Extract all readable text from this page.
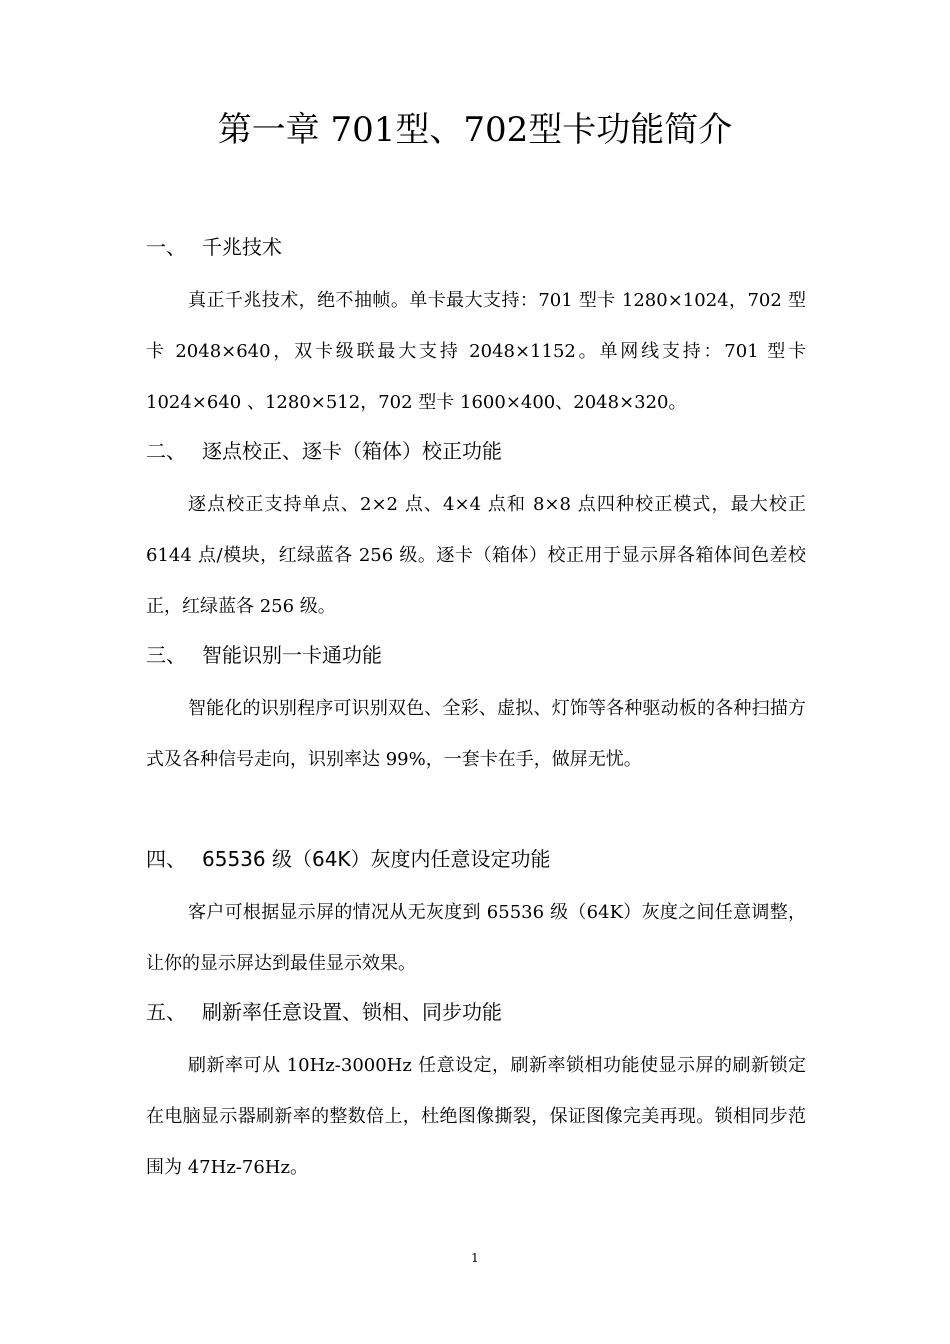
第一章 701型、702型卡功能简介
一、 千兆技术

真正千兆技术，绝不抽帧。单卡最大支持：701 型卡 1280×1024，702 型卡 2048×640，双卡级联最大支持 2048×1152。单网线支持：701 型卡 1024×640 、1280×512，702 型卡 1600×400、2048×320。

二、 逐点校正、逐卡（箱体）校正功能

逐点校正支持单点、2×2 点、4×4 点和 8×8 点四种校正模式，最大校正 6144 点/模块，红绿蓝各 256 级。逐卡（箱体）校正用于显示屏各箱体间色差校正，红绿蓝各 256 级。

三、 智能识别一卡通功能

智能化的识别程序可识别双色、全彩、虚拟、灯饰等各种驱动板的各种扫描方式及各种信号走向，识别率达 99%，一套卡在手，做屏无忧。

四、 65536 级（64K）灰度内任意设定功能

客户可根据显示屏的情况从无灰度到 65536 级（64K）灰度之间任意调整，让你的显示屏达到最佳显示效果。

五、 刷新率任意设置、锁相、同步功能

刷新率可从 10Hz-3000Hz 任意设定，刷新率锁相功能使显示屏的刷新锁定在电脑显示器刷新率的整数倍上，杜绝图像撕裂，保证图像完美再现。锁相同步范围为 47Hz-76Hz。

1
